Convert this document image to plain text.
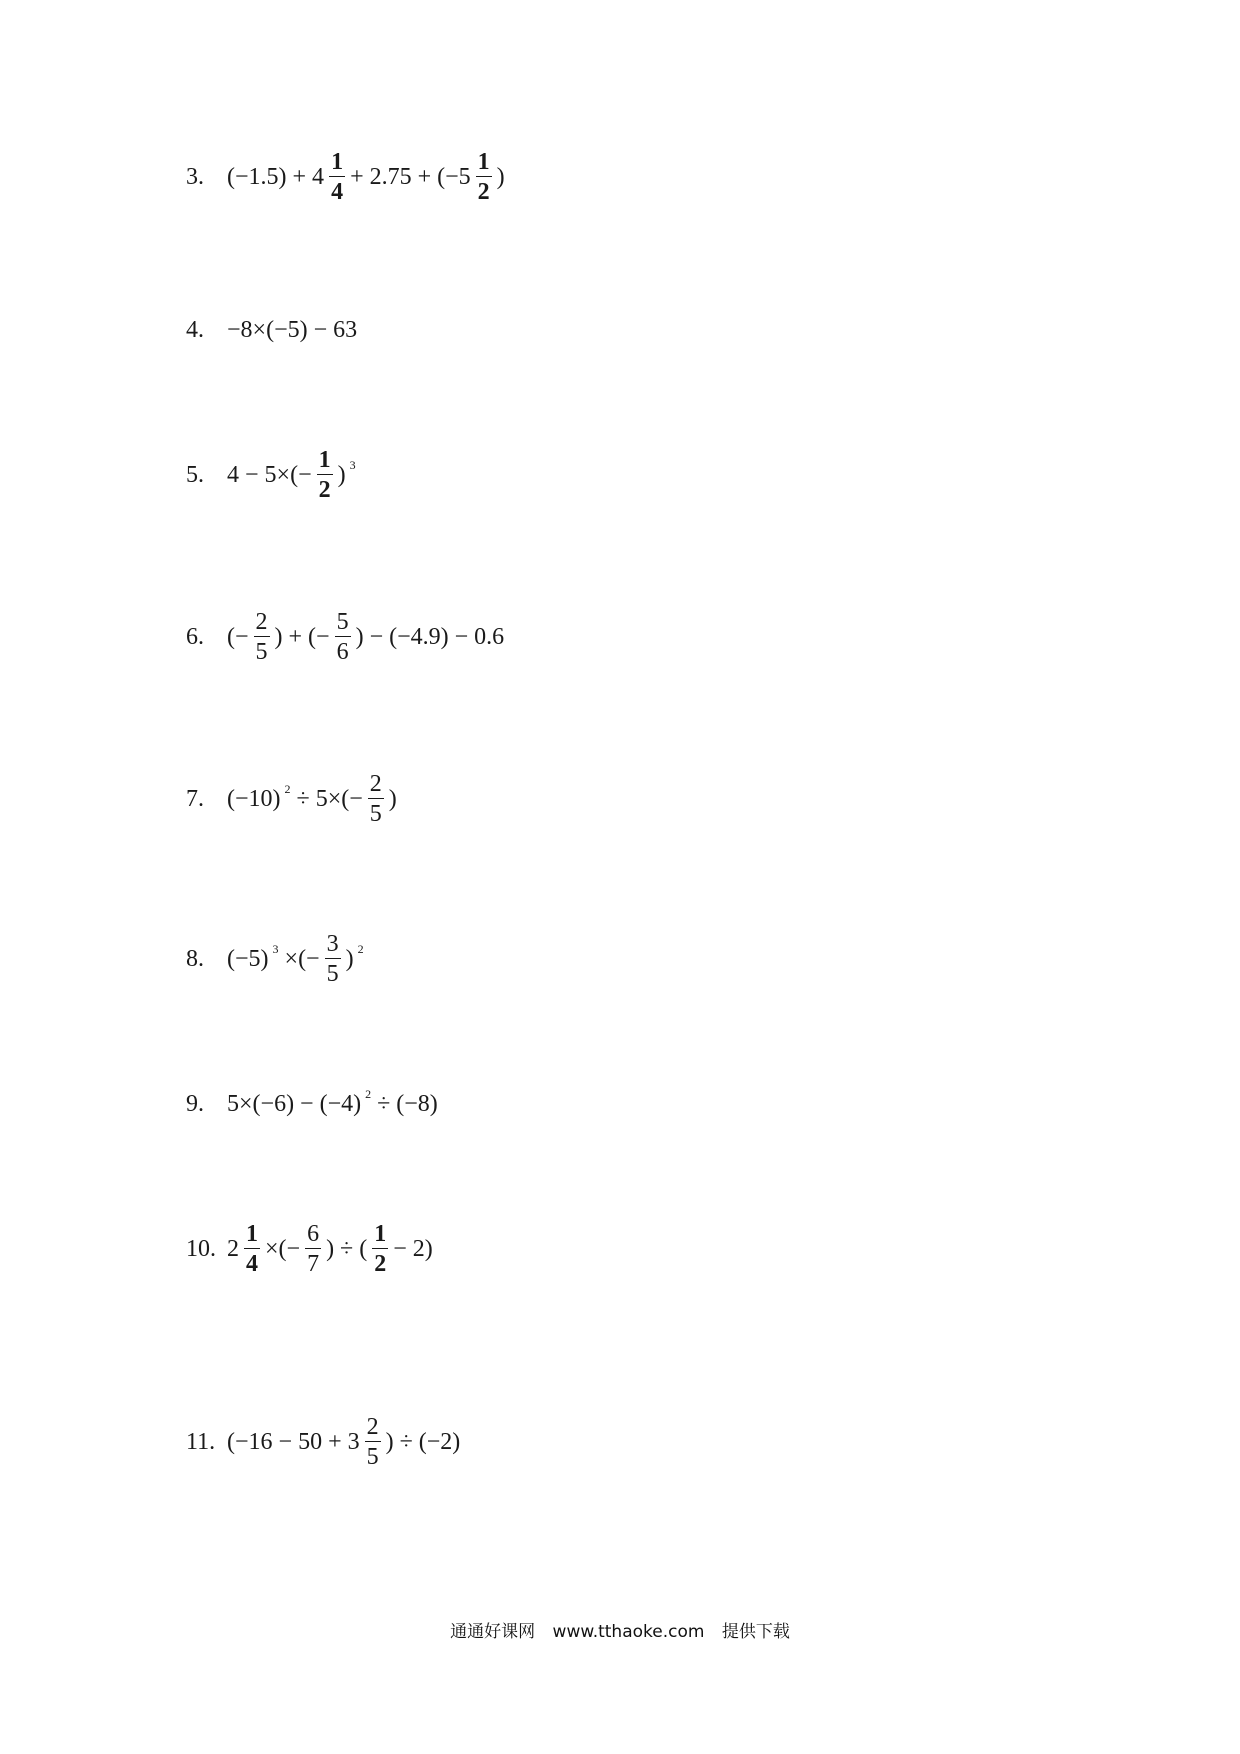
3. $(-1.5) + 4 \frac{1}{4} + 2.75 + (-5 \frac{1}{2}$ )
4. −8×(−5) − 63
5. $4 - 5\times(- \frac{1}{2}$ ) $^3$
6. (− $\frac{2}{5}$ ) + (− $\frac{5}{6}$ ) − (−4.9) − 0.6
7. (−10) $^2 \div 5\times(- \frac{2}{5}$ )
8. (−5) $^3$ ×(− $\frac{3}{5}$ ) $^2$
9. 5×(−6) − (−4) $^2$ ÷ (−8)
10. $2 \frac{1}{4}$ ×(− $\frac{6}{7}$ ) ÷ ( $\frac{1}{2} - 2$)
11. ($-16 - 50 + 3 \frac{2}{5}$ ) ÷ (−2)
通通好课网 www.tthaoke.com 提供下载
